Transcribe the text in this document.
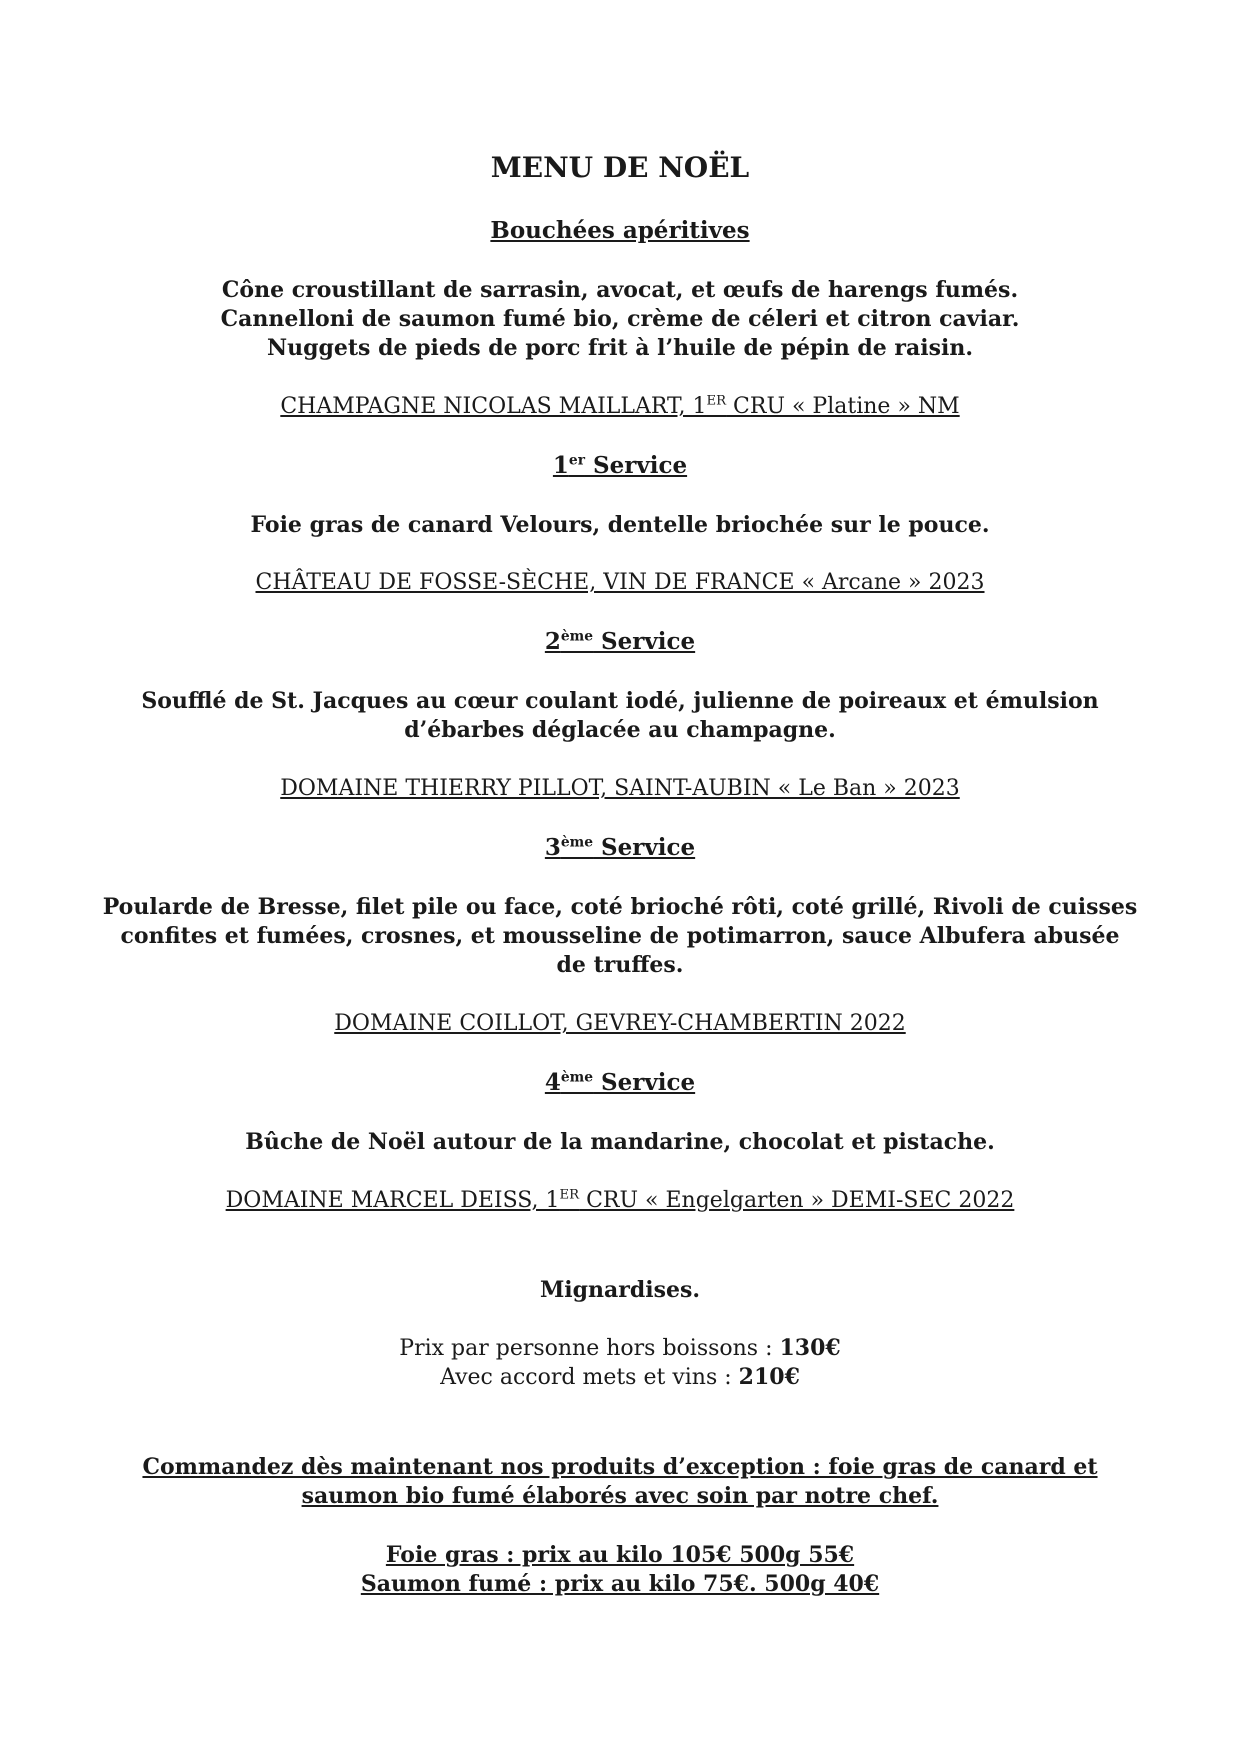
MENU DE NOËL
Bouchées apéritives
Cône croustillant de sarrasin, avocat, et œufs de harengs fumés.
Cannelloni de saumon fumé bio, crème de céleri et citron caviar.
Nuggets de pieds de porc frit à l’huile de pépin de raisin.
CHAMPAGNE NICOLAS MAILLART, 1ER CRU « Platine » NM
1er Service
Foie gras de canard Velours, dentelle briochée sur le pouce.
CHÂTEAU DE FOSSE-SÈCHE, VIN DE FRANCE « Arcane » 2023
2ème Service
Soufflé de St. Jacques au cœur coulant iodé, julienne de poireaux et émulsion
d’ébarbes déglacée au champagne.
DOMAINE THIERRY PILLOT, SAINT-AUBIN « Le Ban » 2023
3ème Service
Poularde de Bresse, filet pile ou face, coté brioché rôti, coté grillé, Rivoli de cuisses
confites et fumées, crosnes, et mousseline de potimarron, sauce Albufera abusée
de truffes.
DOMAINE COILLOT, GEVREY-CHAMBERTIN 2022
4ème Service
Bûche de Noël autour de la mandarine, chocolat et pistache.
DOMAINE MARCEL DEISS, 1ER CRU « Engelgarten » DEMI-SEC 2022
Mignardises.
Prix par personne hors boissons : 130€
Avec accord mets et vins : 210€
Commandez dès maintenant nos produits d’exception : foie gras de canard et
saumon bio fumé élaborés avec soin par notre chef.
Foie gras : prix au kilo 105€ 500g 55€
Saumon fumé : prix au kilo 75€. 500g 40€
